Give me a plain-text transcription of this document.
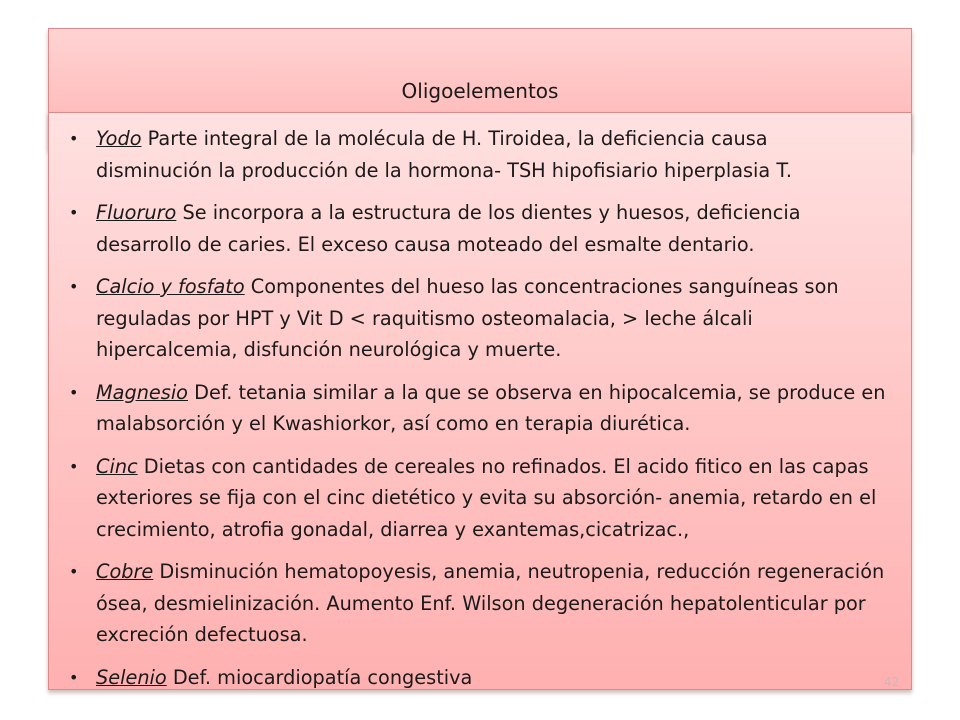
Oligoelementos
• Yodo Parte integral de la molécula de H. Tiroidea, la deficiencia causa disminución la producción de la hormona- TSH hipofisiario hiperplasia T.
• Fluoruro Se incorpora a la estructura de los dientes y huesos, deficiencia desarrollo de caries. El exceso causa moteado del esmalte dentario.
• Calcio y fosfato Componentes del hueso las concentraciones sanguíneas son reguladas por HPT y Vit D < raquitismo osteomalacia, > leche álcali hipercalcemia, disfunción neurológica y muerte.
• Magnesio Def. tetania similar a la que se observa en hipocalcemia, se produce en malabsorción y el Kwashiorkor, así como en terapia diurética.
• Cinc Dietas con cantidades de cereales no refinados. El acido fitico en las capas exteriores se fija con el cinc dietético y evita su absorción- anemia, retardo en el crecimiento, atrofia gonadal, diarrea y exantemas,cicatrizac.,
• Cobre Disminución hematopoyesis, anemia, neutropenia, reducción regeneración ósea, desmielinización. Aumento Enf. Wilson degeneración hepatolenticular por excreción defectuosa.
• Selenio Def. miocardiopatía congestiva	42
